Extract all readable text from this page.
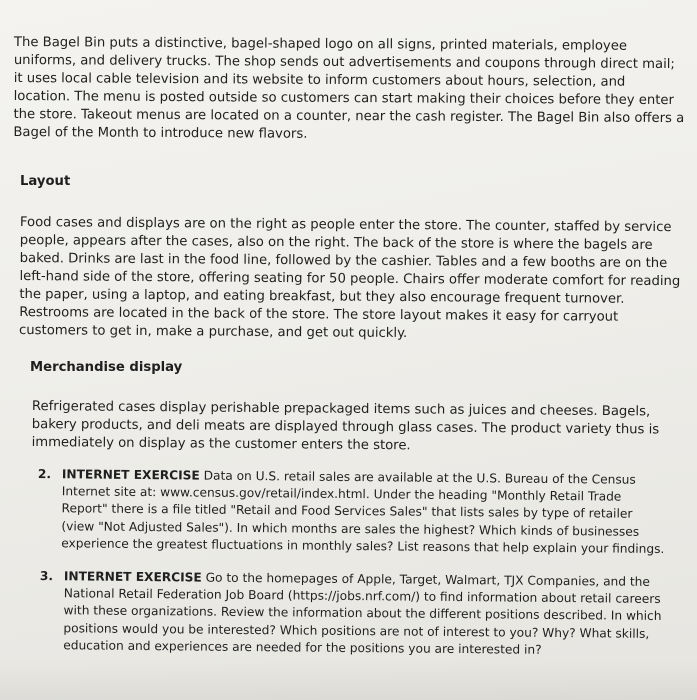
The Bagel Bin puts a distinctive, bagel-shaped logo on all signs, printed materials, employee uniforms, and delivery trucks. The shop sends out advertisements and coupons through direct mail; it uses local cable television and its website to inform customers about hours, selection, and location. The menu is posted outside so customers can start making their choices before they enter the store. Takeout menus are located on a counter, near the cash register. The Bagel Bin also offers a Bagel of the Month to introduce new flavors.
Layout
Food cases and displays are on the right as people enter the store. The counter, staffed by service people, appears after the cases, also on the right. The back of the store is where the bagels are baked. Drinks are last in the food line, followed by the cashier. Tables and a few booths are on the left-hand side of the store, offering seating for 50 people. Chairs offer moderate comfort for reading the paper, using a laptop, and eating breakfast, but they also encourage frequent turnover. Restrooms are located in the back of the store. The store layout makes it easy for carryout customers to get in, make a purchase, and get out quickly.
Merchandise display
Refrigerated cases display perishable prepackaged items such as juices and cheeses. Bagels, bakery products, and deli meats are displayed through glass cases. The product variety thus is immediately on display as the customer enters the store.
2. INTERNET EXERCISE Data on U.S. retail sales are available at the U.S. Bureau of the Census Internet site at: www.census.gov/retail/index.html. Under the heading "Monthly Retail Trade Report" there is a file titled "Retail and Food Services Sales" that lists sales by type of retailer (view "Not Adjusted Sales"). In which months are sales the highest? Which kinds of businesses experience the greatest fluctuations in monthly sales? List reasons that help explain your findings.
3. INTERNET EXERCISE Go to the homepages of Apple, Target, Walmart, TJX Companies, and the National Retail Federation Job Board (https://jobs.nrf.com/) to find information about retail careers with these organizations. Review the information about the different positions described. In which positions would you be interested? Which positions are not of interest to you? Why? What skills, education and experiences are needed for the positions you are interested in?
